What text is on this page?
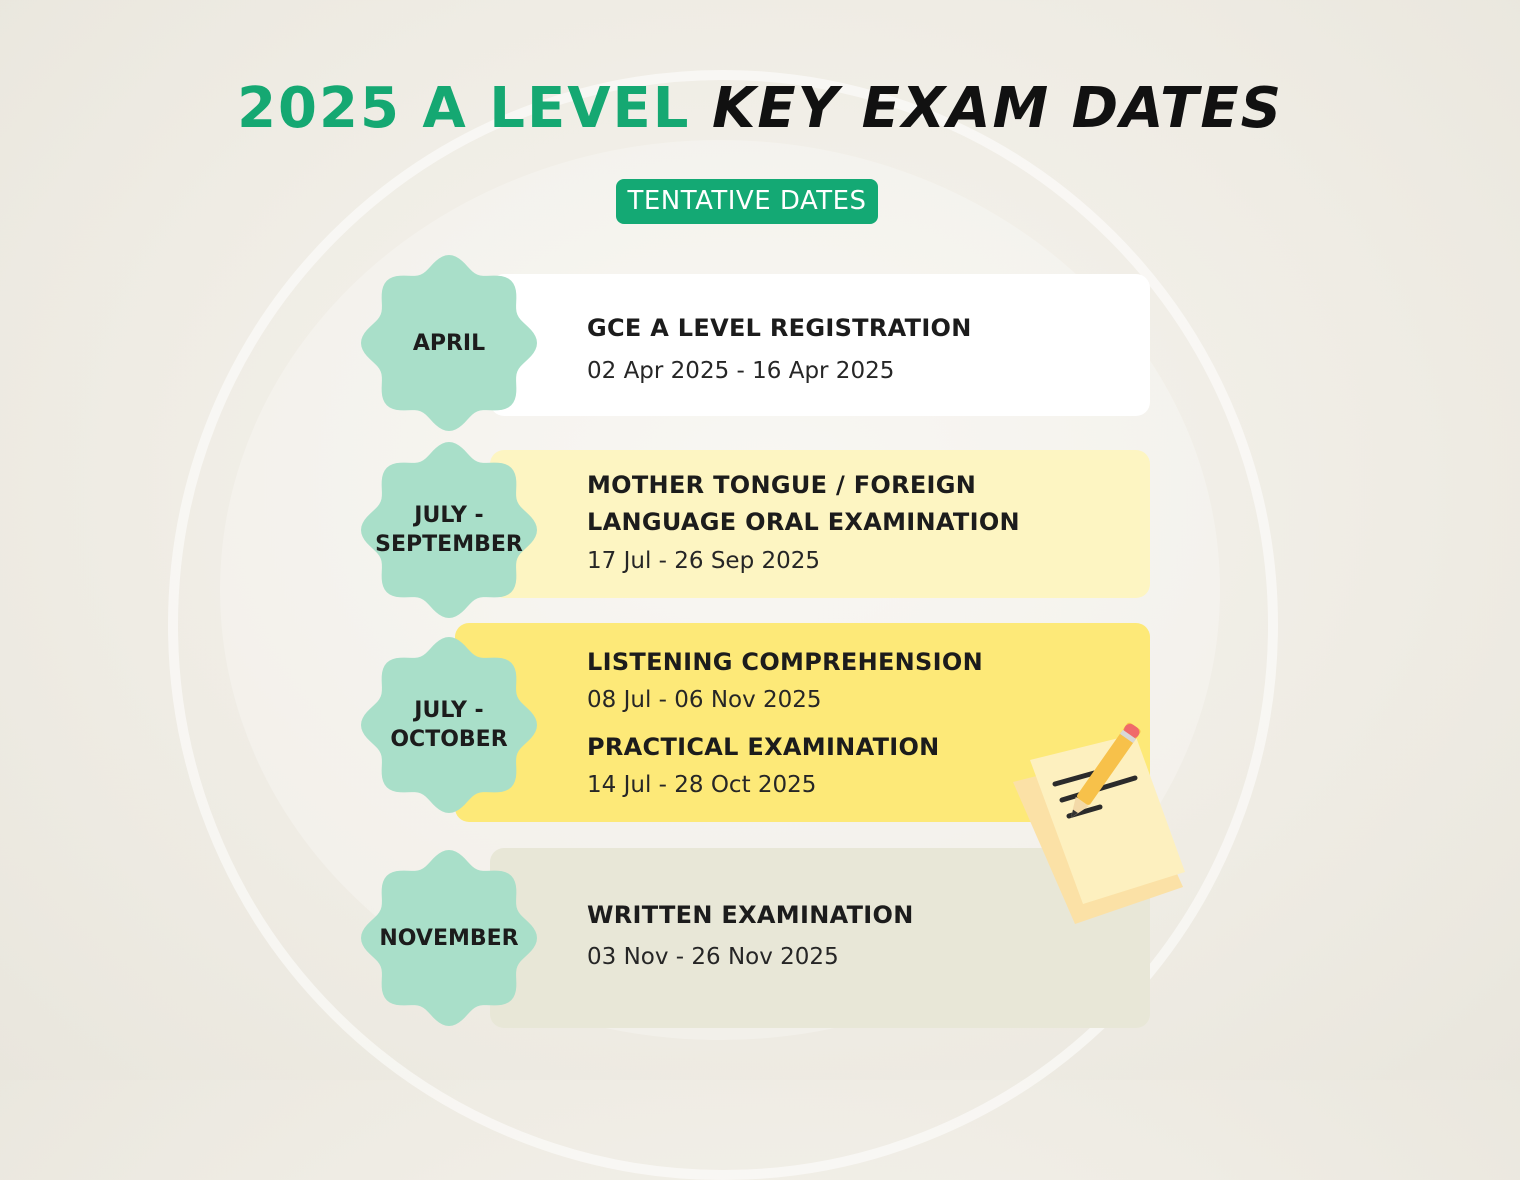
2025 A LEVEL KEY EXAM DATES
TENTATIVE DATES
GCE A LEVEL REGISTRATION
02 Apr 2025 - 16 Apr 2025
MOTHER TONGUE / FOREIGN
LANGUAGE ORAL EXAMINATION
17 Jul - 26 Sep 2025
LISTENING COMPREHENSION
08 Jul - 06 Nov 2025
PRACTICAL EXAMINATION
14 Jul - 28 Oct 2025
WRITTEN EXAMINATION
03 Nov - 26 Nov 2025
APRIL
JULY -
SEPTEMBER
JULY -
OCTOBER
NOVEMBER
